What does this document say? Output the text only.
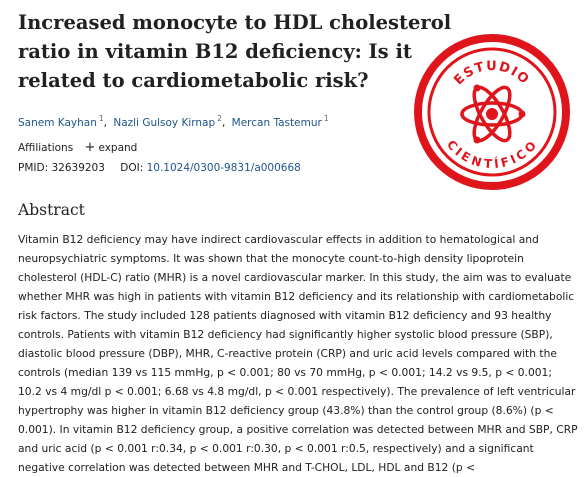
Increased monocyte to HDL cholesterol ratio in vitamin B12 deficiency: Is it related to cardiometabolic risk?
Sanem Kayhan $^1$, Nazli Gulsoy Kirnap $^2$, Mercan Tastemur $^1$
Affiliations + expand
PMID: 32639203 DOI: 10.1024/0300-9831/a000668
Abstract

Vitamin B12 deficiency may have indirect cardiovascular effects in addition to hematological and neuropsychiatric symptoms. It was shown that the monocyte count-to-high density lipoprotein cholesterol (HDL-C) ratio (MHR) is a novel cardiovascular marker. In this study, the aim was to evaluate whether MHR was high in patients with vitamin B12 deficiency and its relationship with cardiometabolic risk factors. The study included 128 patients diagnosed with vitamin B12 deficiency and 93 healthy controls. Patients with vitamin B12 deficiency had significantly higher systolic blood pressure (SBP), diastolic blood pressure (DBP), MHR, C-reactive protein (CRP) and uric acid levels compared with the controls (median 139 vs 115 mmHg, p < 0.001; 80 vs 70 mmHg, p < 0.001; 14.2 vs 9.5, p < 0.001; 10.2 vs 4 mg/dl p < 0.001; 6.68 vs 4.8 mg/dl, p < 0.001 respectively). The prevalence of left ventricular hypertrophy was higher in vitamin B12 deficiency group (43.8%) than the control group (8.6%) (p < 0.001). In vitamin B12 deficiency group, a positive correlation was detected between MHR and SBP, CRP and uric acid (p < 0.001 r:0.34, p < 0.001 r:0.30, p < 0.001 r:0.5, respectively) and a significant negative correlation was detected between MHR and T-CHOL, LDL, HDL and B12 (p <

ESTUDIO
CIENTÍFICO
